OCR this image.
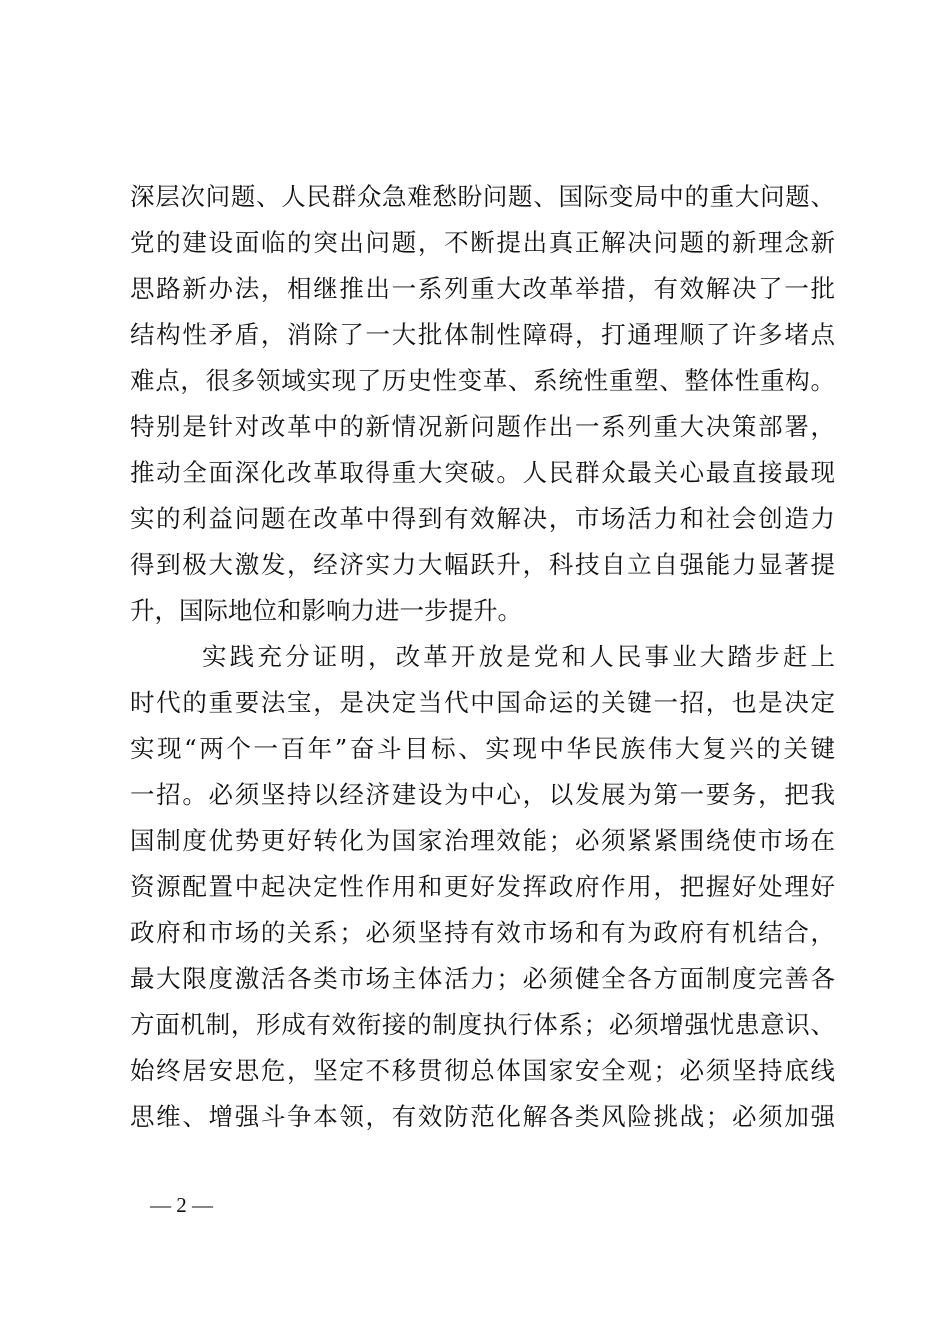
深层次问题、人民群众急难愁盼问题、国际变局中的重大问题、
党的建设面临的突出问题，不断提出真正解决问题的新理念新
思路新办法，相继推出一系列重大改革举措，有效解决了一批
结构性矛盾，消除了一大批体制性障碍，打通理顺了许多堵点
难点，很多领域实现了历史性变革、系统性重塑、整体性重构。
特别是针对改革中的新情况新问题作出一系列重大决策部署，
推动全面深化改革取得重大突破。人民群众最关心最直接最现
实的利益问题在改革中得到有效解决，市场活力和社会创造力
得到极大激发，经济实力大幅跃升，科技自立自强能力显著提
升，国际地位和影响力进一步提升。
实践充分证明，改革开放是党和人民事业大踏步赶上
时代的重要法宝，是决定当代中国命运的关键一招，也是决定
实现“两个一百年”奋斗目标、实现中华民族伟大复兴的关键
一招。必须坚持以经济建设为中心，以发展为第一要务，把我
国制度优势更好转化为国家治理效能；必须紧紧围绕使市场在
资源配置中起决定性作用和更好发挥政府作用，把握好处理好
政府和市场的关系；必须坚持有效市场和有为政府有机结合，
最大限度激活各类市场主体活力；必须健全各方面制度完善各
方面机制，形成有效衔接的制度执行体系；必须增强忧患意识、
始终居安思危，坚定不移贯彻总体国家安全观；必须坚持底线
思维、增强斗争本领，有效防范化解各类风险挑战；必须加强
— 2 —
